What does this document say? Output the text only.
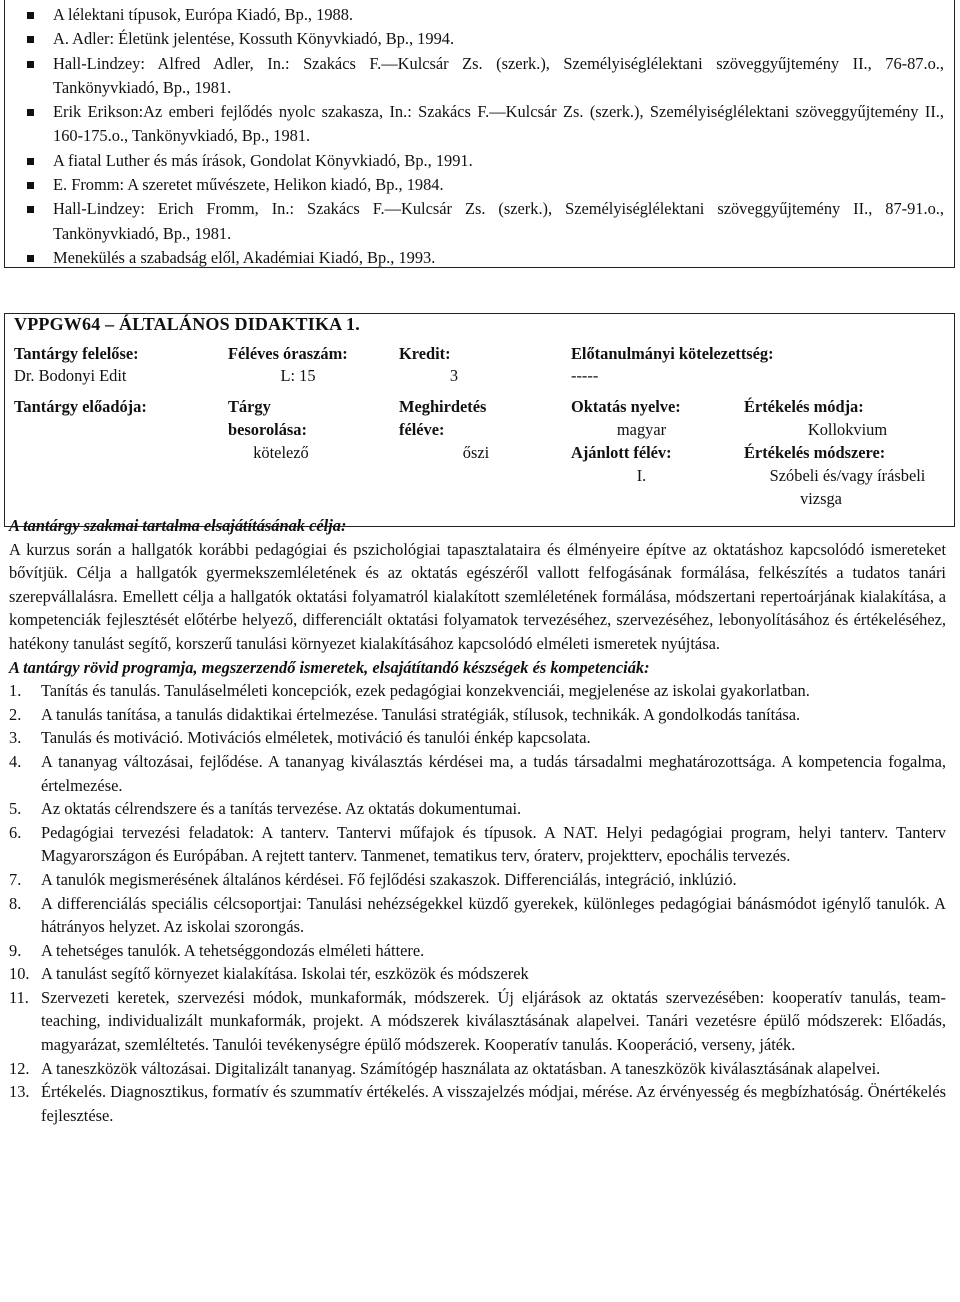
A lélektani típusok, Európa Kiadó, Bp., 1988.
A. Adler: Életünk jelentése, Kossuth Könyvkiadó, Bp., 1994.
Hall-Lindzey: Alfred Adler, In.: Szakács F.—Kulcsár Zs. (szerk.), Személyiséglélektani szöveggyűjtemény II., 76-87.o., Tankönyvkiadó, Bp., 1981.
Erik Erikson:Az emberi fejlődés nyolc szakasza, In.: Szakács F.—Kulcsár Zs. (szerk.), Személyiséglélektani szöveggyűjtemény II., 160-175.o., Tankönyvkiadó, Bp., 1981.
A fiatal Luther és más írások, Gondolat Könyvkiadó, Bp., 1991.
E. Fromm: A szeretet művészete, Helikon kiadó, Bp., 1984.
Hall-Lindzey: Erich Fromm, In.: Szakács F.—Kulcsár Zs. (szerk.), Személyiséglélektani szöveggyűjtemény II., 87-91.o., Tankönyvkiadó, Bp., 1981.
Menekülés a szabadság elől, Akadémiai Kiadó, Bp., 1993.
VPPGW64 – ÁLTALÁNOS DIDAKTIKA 1.
Tantárgy felelőse:
Dr. Bodonyi Edit
Féléves óraszám:
L: 15
Kredit:
3
Előtanulmányi kötelezettség:
-----
Tantárgy előadója:	Tárgy
besorolása:
kötelező
Meghirdetés
féléve:
őszi
Oktatás nyelve:
magyar
Ajánlott félév:
I.
Értékelés módja:
Kollokvium
Értékelés módszere:
Szóbeli és/vagy írásbeli
vizsga
A tantárgy szakmai tartalma elsajátításának célja:

A kurzus során a hallgatók korábbi pedagógiai és pszichológiai tapasztalataira és élményeire építve az oktatáshoz kapcsolódó ismereteket bővítjük. Célja a hallgatók gyermekszemléletének és az oktatás egészéről vallott felfogásának formálása, felkészítés a tudatos tanári szerepvállalásra. Emellett célja a hallgatók oktatási folyamatról kialakított szemléletének formálása, módszertani repertoárjának kialakítása, a kompetenciák fejlesztését előtérbe helyező, differenciált oktatási folyamatok tervezéséhez, szervezéséhez, lebonyolításához és értékeléséhez, hatékony tanulást segítő, korszerű tanulási környezet kialakításához kapcsolódó elméleti ismeretek nyújtása.

A tantárgy rövid programja, megszerzendő ismeretek, elsajátítandó készségek és kompetenciák:
1. Tanítás és tanulás. Tanuláselméleti koncepciók, ezek pedagógiai konzekvenciái, megjelenése az iskolai gyakorlatban.
2. A tanulás tanítása, a tanulás didaktikai értelmezése. Tanulási stratégiák, stílusok, technikák. A gondolkodás tanítása.
3. Tanulás és motiváció. Motivációs elméletek, motiváció és tanulói énkép kapcsolata.
4. A tananyag változásai, fejlődése. A tananyag kiválasztás kérdései ma, a tudás társadalmi meghatározottsága. A kompetencia fogalma, értelmezése.
5. Az oktatás célrendszere és a tanítás tervezése. Az oktatás dokumentumai.
6. Pedagógiai tervezési feladatok: A tanterv. Tantervi műfajok és típusok. A NAT. Helyi pedagógiai program, helyi tanterv. Tanterv Magyarországon és Európában. A rejtett tanterv. Tanmenet, tematikus terv, óraterv, projektterv, epochális tervezés.
7. A tanulók megismerésének általános kérdései. Fő fejlődési szakaszok. Differenciálás, integráció, inklúzió.
8. A differenciálás speciális célcsoportjai: Tanulási nehézségekkel küzdő gyerekek, különleges pedagógiai bánásmódot igénylő tanulók. A hátrányos helyzet. Az iskolai szorongás.
9. A tehetséges tanulók. A tehetséggondozás elméleti háttere.
10. A tanulást segítő környezet kialakítása. Iskolai tér, eszközök és módszerek
11. Szervezeti keretek, szervezési módok, munkaformák, módszerek. Új eljárások az oktatás szervezésében: kooperatív tanulás, team-teaching, individualizált munkaformák, projekt. A módszerek kiválasztásának alapelvei. Tanári vezetésre épülő módszerek: Előadás, magyarázat, szemléltetés. Tanulói tevékenységre épülő módszerek. Kooperatív tanulás. Kooperáció, verseny, játék.
12. A taneszközök változásai. Digitalizált tananyag. Számítógép használata az oktatásban. A taneszközök kiválasztásának alapelvei.
13. Értékelés. Diagnosztikus, formatív és szummatív értékelés. A visszajelzés módjai, mérése. Az érvényesség és megbízhatóság. Önértékelés fejlesztése.
